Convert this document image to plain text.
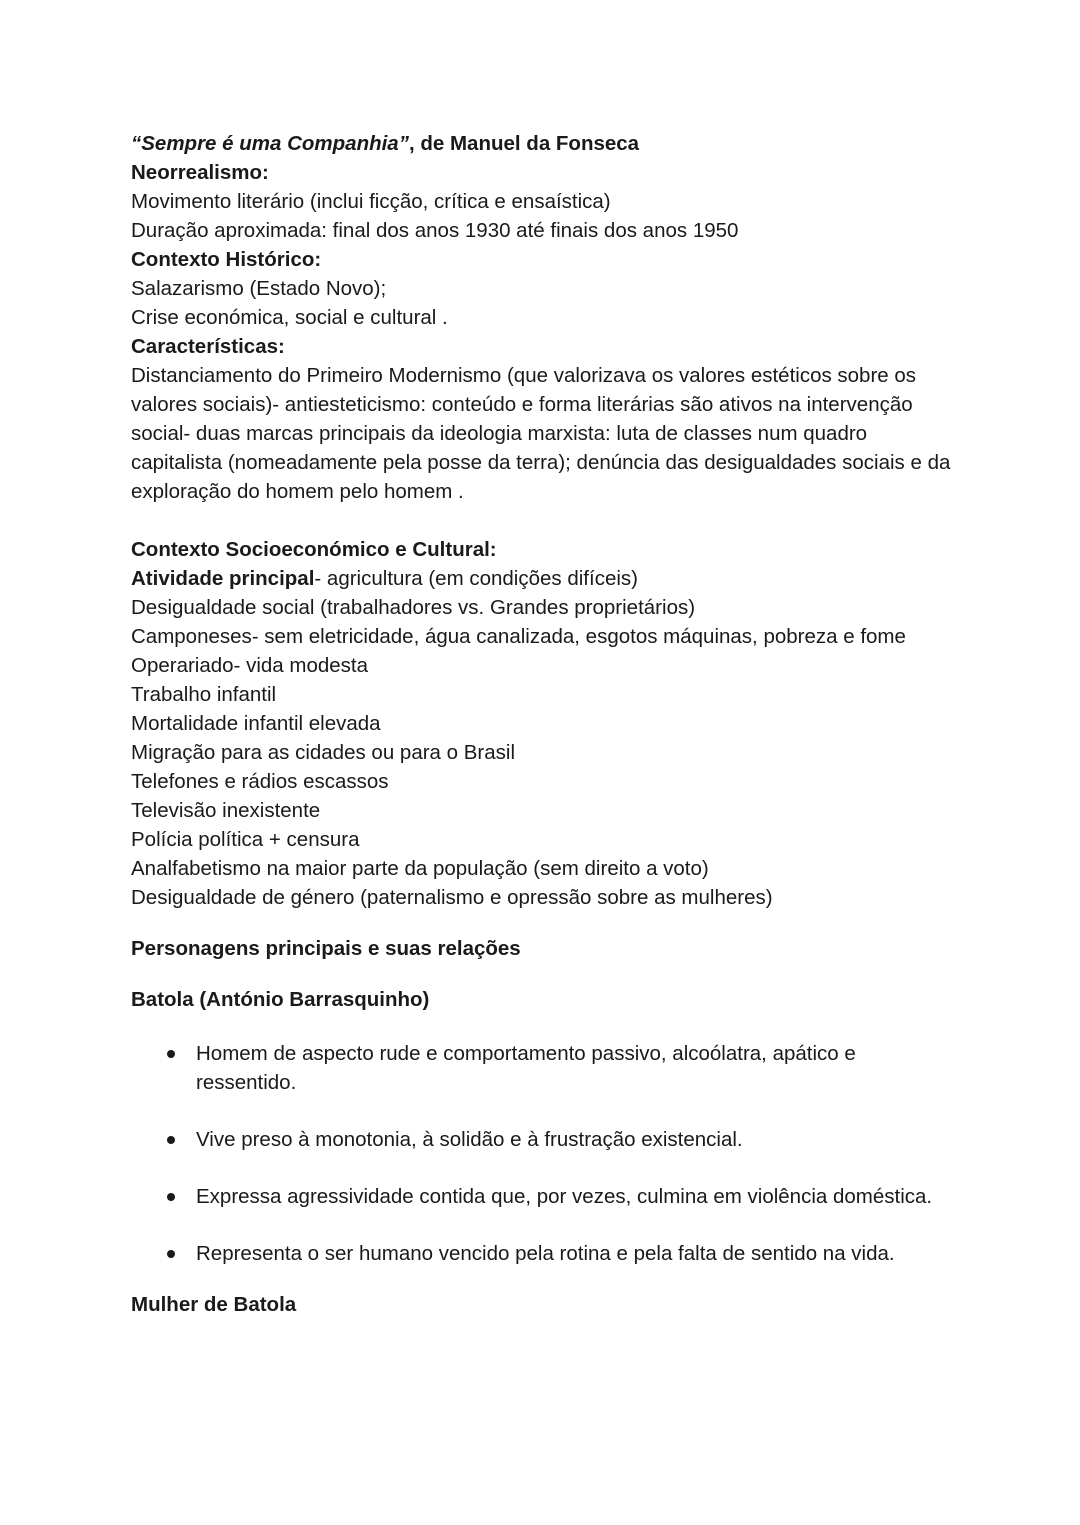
“Sempre é uma Companhia”, de Manuel da Fonseca
Neorrealismo:
Movimento literário (inclui ficção, crítica e ensaística)
Duração aproximada: final dos anos 1930 até finais dos anos 1950
Contexto Histórico:
Salazarismo (Estado Novo);
Crise económica, social e cultural .
Características:
Distanciamento do Primeiro Modernismo (que valorizava os valores estéticos sobre os valores sociais)- antiesteticismo: conteúdo e forma literárias são ativos na intervenção social- duas marcas principais da ideologia marxista: luta de classes num quadro capitalista (nomeadamente pela posse da terra); denúncia das desigualdades sociais e da exploração do homem pelo homem .

Contexto Socioeconómico e Cultural:
Atividade principal- agricultura (em condições difíceis)
Desigualdade social (trabalhadores vs. Grandes proprietários)
Camponeses- sem eletricidade, água canalizada, esgotos máquinas, pobreza e fome
Operariado- vida modesta
Trabalho infantil
Mortalidade infantil elevada
Migração para as cidades ou para o Brasil
Telefones e rádios escassos
Televisão inexistente
Polícia política + censura
Analfabetismo na maior parte da população (sem direito a voto)
Desigualdade de género (paternalismo e opressão sobre as mulheres)
Personagens principais e suas relações
Batola (António Barrasquinho)
Homem de aspecto rude e comportamento passivo, alcoólatra, apático e ressentido.
Vive preso à monotonia, à solidão e à frustração existencial.
Expressa agressividade contida que, por vezes, culmina em violência doméstica.
Representa o ser humano vencido pela rotina e pela falta de sentido na vida.
Mulher de Batola
